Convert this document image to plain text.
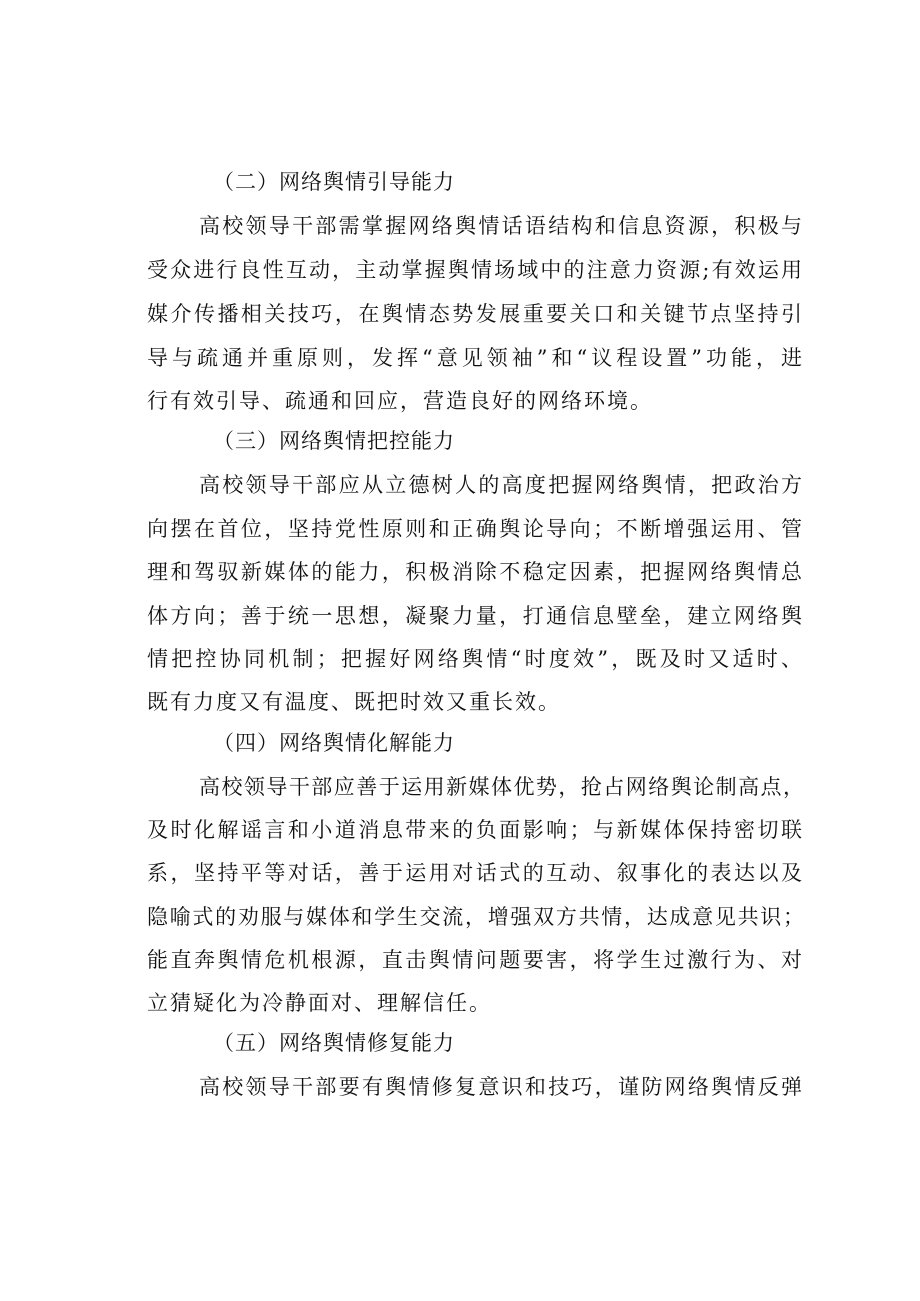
（二）网络舆情引导能力
高校领导干部需掌握网络舆情话语结构和信息资源，积极与
受众进行良性互动，主动掌握舆情场域中的注意力资源;有效运用
媒介传播相关技巧，在舆情态势发展重要关口和关键节点坚持引
导与疏通并重原则，发挥“意见领袖”和“议程设置”功能，进
行有效引导、疏通和回应，营造良好的网络环境。
（三）网络舆情把控能力
高校领导干部应从立德树人的高度把握网络舆情，把政治方
向摆在首位，坚持党性原则和正确舆论导向；不断增强运用、管
理和驾驭新媒体的能力，积极消除不稳定因素，把握网络舆情总
体方向；善于统一思想，凝聚力量，打通信息壁垒，建立网络舆
情把控协同机制；把握好网络舆情“时度效”，既及时又适时、
既有力度又有温度、既把时效又重长效。
（四）网络舆情化解能力
高校领导干部应善于运用新媒体优势，抢占网络舆论制高点，
及时化解谣言和小道消息带来的负面影响；与新媒体保持密切联
系，坚持平等对话，善于运用对话式的互动、叙事化的表达以及
隐喻式的劝服与媒体和学生交流，增强双方共情，达成意见共识；
能直奔舆情危机根源，直击舆情问题要害，将学生过激行为、对
立猜疑化为冷静面对、理解信任。
（五）网络舆情修复能力
高校领导干部要有舆情修复意识和技巧，谨防网络舆情反弹
